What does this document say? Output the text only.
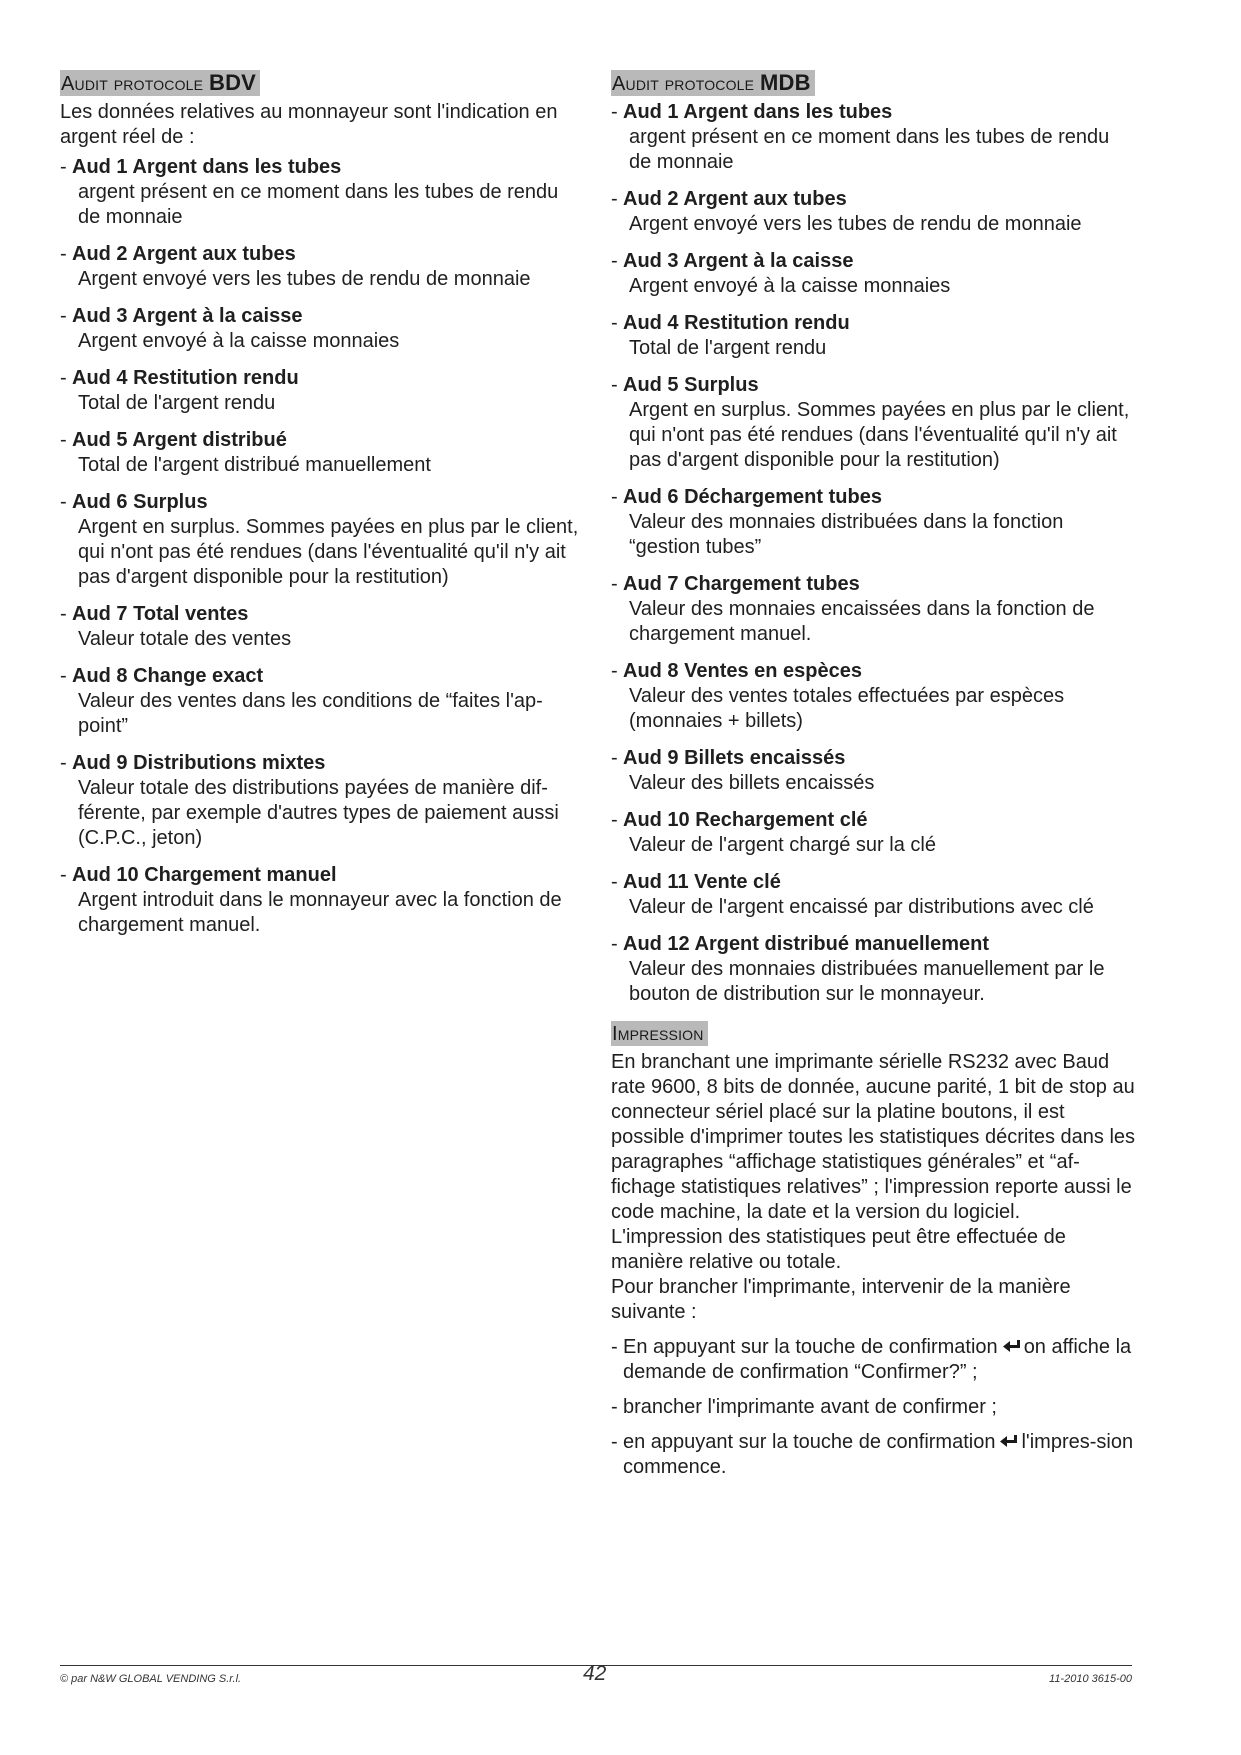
Audit protocole BDV

Les données relatives au monnayeur sont l'indication en argent réel de :

- Aud 1 Argent dans les tubes
argent présent en ce moment dans les tubes de rendu de monnaie
- Aud 2 Argent aux tubes
Argent envoyé vers les tubes de rendu de monnaie
- Aud 3 Argent à la caisse
Argent envoyé à la caisse monnaies
- Aud 4 Restitution rendu
Total de l'argent rendu
- Aud 5 Argent distribué
Total de l'argent distribué manuellement
- Aud 6 Surplus
Argent en surplus. Sommes payées en plus par le client, qui n'ont pas été rendues (dans l'éventualité qu'il n'y ait pas d'argent disponible pour la restitution)
- Aud 7 Total ventes
Valeur totale des ventes
- Aud 8 Change exact
Valeur des ventes dans les conditions de “faites l'ap-point”
- Aud 9 Distributions mixtes
Valeur totale des distributions payées de manière dif-férente, par exemple d'autres types de paiement aussi (C.P.C., jeton)
- Aud 10 Chargement manuel
Argent introduit dans le monnayeur avec la fonction de chargement manuel.
Audit protocole MDB
- Aud 1 Argent dans les tubes
argent présent en ce moment dans les tubes de rendu de monnaie
- Aud 2 Argent aux tubes
Argent envoyé vers les tubes de rendu de monnaie
- Aud 3 Argent à la caisse
Argent envoyé à la caisse monnaies
- Aud 4 Restitution rendu
Total de l'argent rendu
- Aud 5 Surplus
Argent en surplus. Sommes payées en plus par le client, qui n'ont pas été rendues (dans l'éventualité qu'il n'y ait pas d'argent disponible pour la restitution)
- Aud 6 Déchargement tubes
Valeur des monnaies distribuées dans la fonction “gestion tubes”
- Aud 7 Chargement tubes
Valeur des monnaies encaissées dans la fonction de chargement manuel.
- Aud 8 Ventes en espèces
Valeur des ventes totales effectuées par espèces (monnaies + billets)
- Aud 9 Billets encaissés
Valeur des billets encaissés
- Aud 10 Rechargement clé
Valeur de l'argent chargé sur la clé
- Aud 11 Vente clé
Valeur de l'argent encaissé par distributions avec clé
- Aud 12 Argent distribué manuellement
Valeur des monnaies distribuées manuellement par le bouton de distribution sur le monnayeur.
Impression

En branchant une imprimante sérielle RS232 avec Baud rate 9600, 8 bits de donnée, aucune parité, 1 bit de stop au connecteur sériel placé sur la platine boutons, il est possible d'imprimer toutes les statistiques décrites dans les paragraphes “affichage statistiques générales” et “af-fichage statistiques relatives” ; l'impression reporte aussi le code machine, la date et la version du logiciel.

L'impression des statistiques peut être effectuée de manière relative ou totale.

Pour brancher l'imprimante, intervenir de la manière suivante :

- En appuyant sur la touche de confirmation on affiche la demande de confirmation “Confirmer?” ;
- brancher l'imprimante avant de confirmer ;
- en appuyant sur la touche de confirmation l'impres-sion commence.
© par N&W GLOBAL VENDING S.r.l.	42	11-2010 3615-00
